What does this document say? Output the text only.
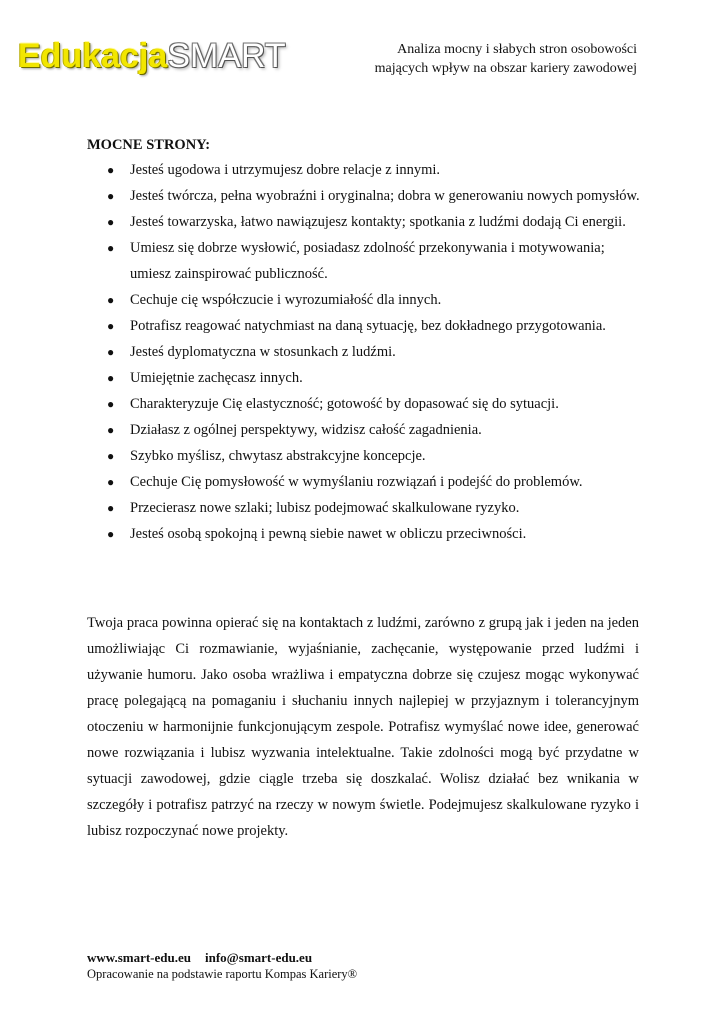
EdukacjaSMART	Analiza mocny i słabych stron osobowości
mających wpływ na obszar kariery zawodowej
MOCNE STRONY:
● Jesteś ugodowa i utrzymujesz dobre relacje z innymi.
● Jesteś twórcza, pełna wyobraźni i oryginalna; dobra w generowaniu nowych pomysłów.
● Jesteś towarzyska, łatwo nawiązujesz kontakty; spotkania z ludźmi dodają Ci energii.
● Umiesz się dobrze wysłowić, posiadasz zdolność przekonywania i motywowania; umiesz zainspirować publiczność.
● Cechuje cię współczucie i wyrozumiałość dla innych.
● Potrafisz reagować natychmiast na daną sytuację, bez dokładnego przygotowania.
● Jesteś dyplomatyczna w stosunkach z ludźmi.
● Umiejętnie zachęcasz innych.
● Charakteryzuje Cię elastyczność; gotowość by dopasować się do sytuacji.
● Działasz z ogólnej perspektywy, widzisz całość zagadnienia.
● Szybko myślisz, chwytasz abstrakcyjne koncepcje.
● Cechuje Cię pomysłowość w wymyślaniu rozwiązań i podejść do problemów.
● Przecierasz nowe szlaki; lubisz podejmować skalkulowane ryzyko.
● Jesteś osobą spokojną i pewną siebie nawet w obliczu przeciwności.

Twoja praca powinna opierać się na kontaktach z ludźmi, zarówno z grupą jak i jeden na jeden umożliwiając Ci rozmawianie, wyjaśnianie, zachęcanie, występowanie przed ludźmi i używanie humoru. Jako osoba wrażliwa i empatyczna dobrze się czujesz mogąc wykonywać pracę polegającą na pomaganiu i słuchaniu innych najlepiej w przyjaznym i tolerancyjnym otoczeniu w harmonijnie funkcjonującym zespole. Potrafisz wymyślać nowe idee, generować nowe rozwiązania i lubisz wyzwania intelektualne. Takie zdolności mogą być przydatne w sytuacji zawodowej, gdzie ciągle trzeba się doszkalać. Wolisz działać bez wnikania w szczegóły i potrafisz patrzyć na rzeczy w nowym świetle. Podejmujesz skalkulowane ryzyko i lubisz rozpoczynać nowe projekty.

www.smart-edu.eu info@smart-edu.eu
Opracowanie na podstawie raportu Kompas Kariery®
